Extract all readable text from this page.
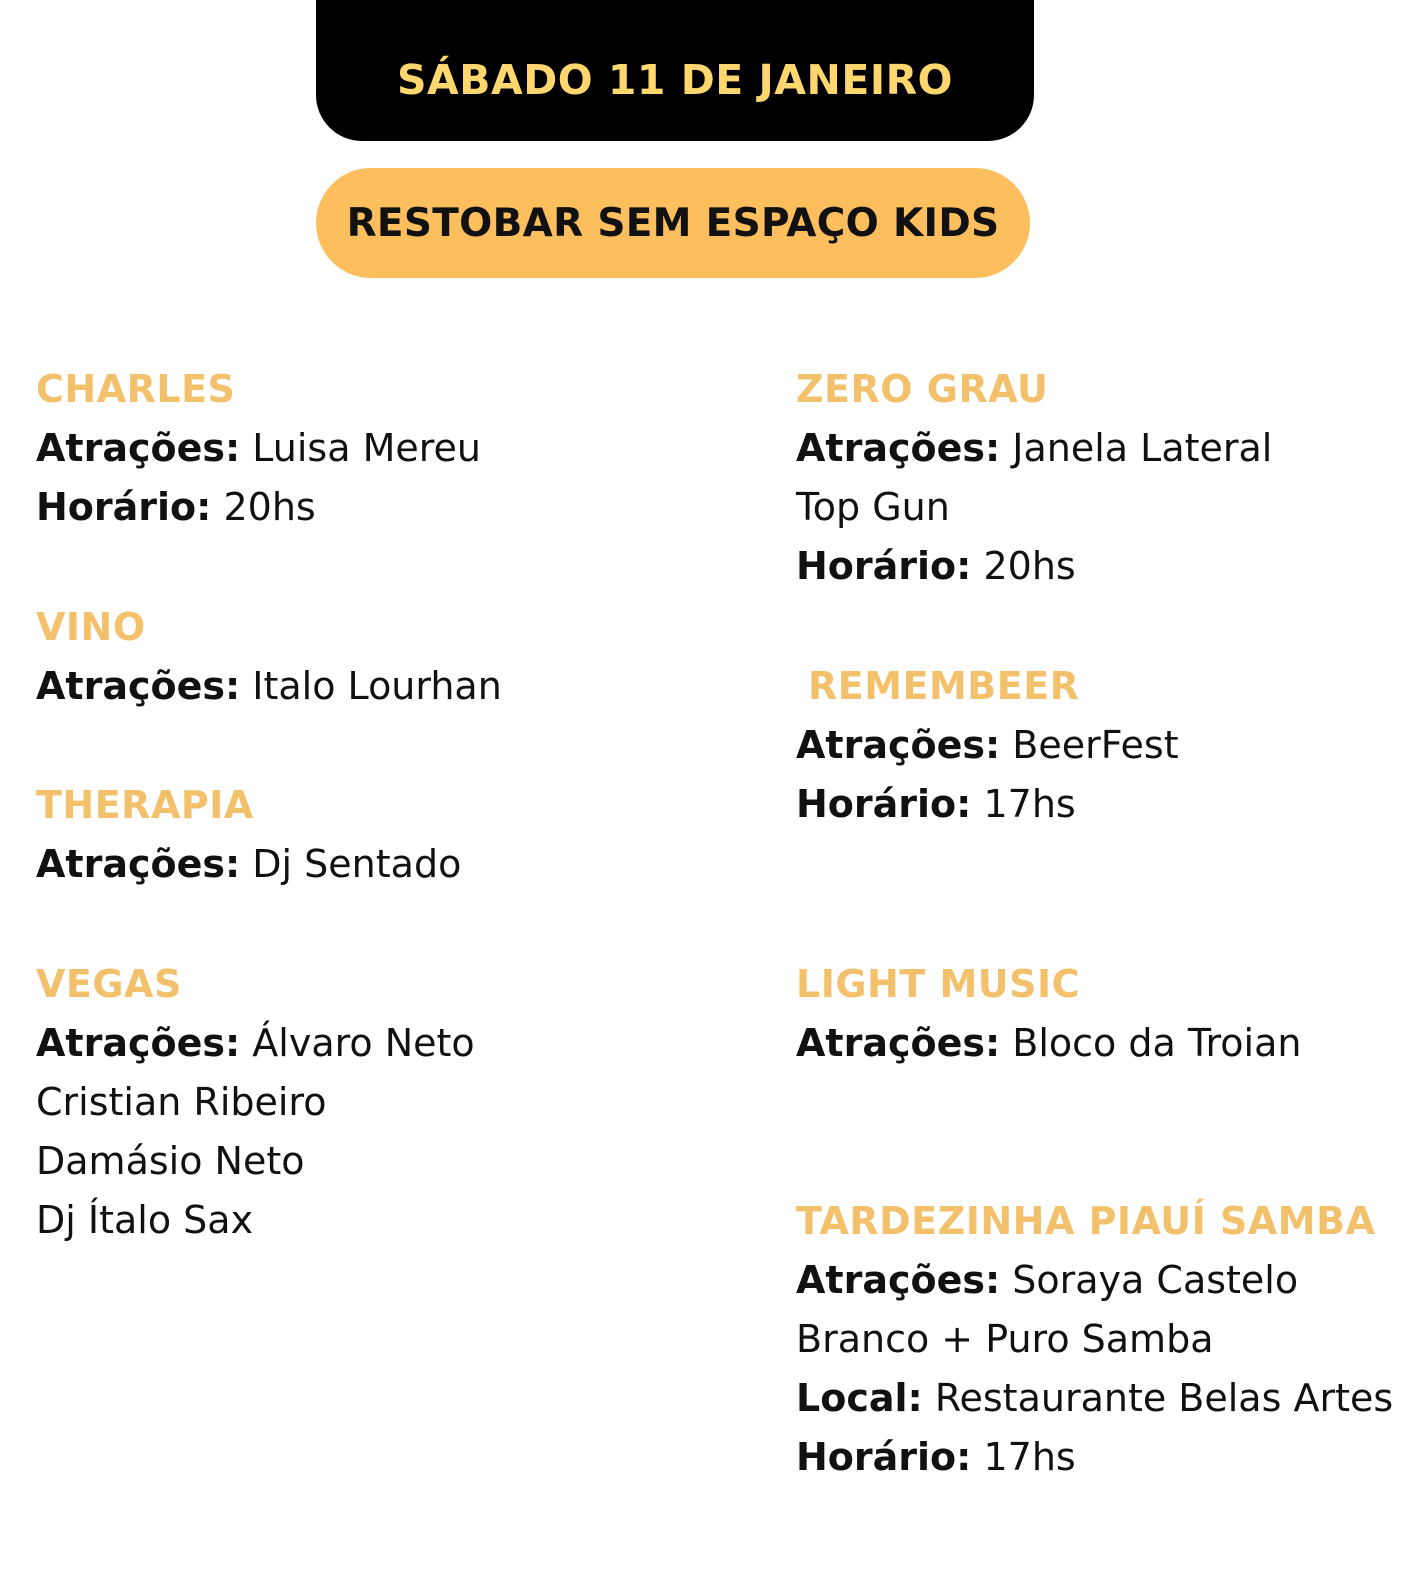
SÁBADO 11 DE JANEIRO
RESTOBAR SEM ESPAÇO KIDS
CHARLES
Atrações: Luisa Mereu
Horário: 20hs
VINO
Atrações: Italo Lourhan
THERAPIA
Atrações: Dj Sentado
VEGAS
Atrações: Álvaro Neto
Cristian Ribeiro
Damásio Neto
Dj Ítalo Sax
ZERO GRAU
Atrações: Janela Lateral
Top Gun
Horário: 20hs
REMEMBEER
Atrações: BeerFest
Horário: 17hs
LIGHT MUSIC
Atrações: Bloco da Troian
TARDEZINHA PIAUÍ SAMBA
Atrações: Soraya Castelo
Branco + Puro Samba
Local: Restaurante Belas Artes
Horário: 17hs
